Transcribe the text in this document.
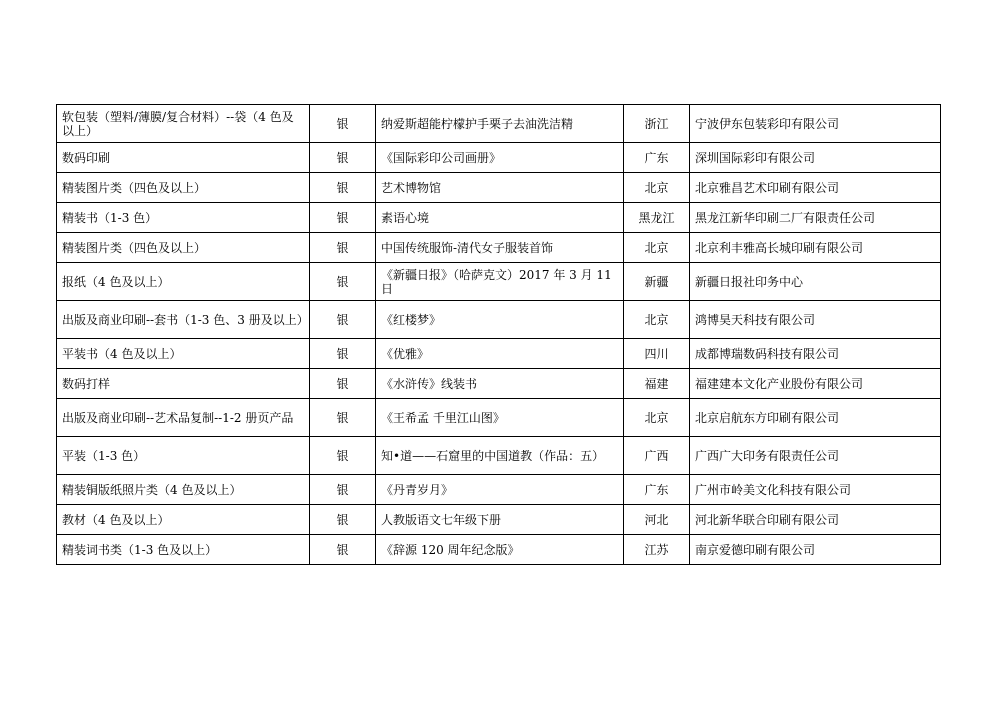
软包装（塑料/薄膜/复合材料）--袋（4 色及以上）	银	纳爱斯超能柠檬护手栗子去油洗洁精	浙江	宁波伊东包装彩印有限公司
数码印刷	银	《国际彩印公司画册》	广东	深圳国际彩印有限公司
精装图片类（四色及以上）	银	艺术博物馆	北京	北京雅昌艺术印刷有限公司
精装书（1-3 色）	银	素语心境	黑龙江	黑龙江新华印刷二厂有限责任公司
精装图片类（四色及以上）	银	中国传统服饰-清代女子服装首饰	北京	北京利丰雅高长城印刷有限公司
报纸（4 色及以上）	银	《新疆日报》（哈萨克文）2017 年 3 月 11 日	新疆	新疆日报社印务中心
出版及商业印刷--套书（1-3 色、3 册及以上）	银	《红楼梦》	北京	鸿博昊天科技有限公司
平装书（4 色及以上）	银	《优雅》	四川	成都博瑞数码科技有限公司
数码打样	银	《水浒传》线装书	福建	福建建本文化产业股份有限公司
出版及商业印刷--艺术品复制--1-2 册页产品	银	《王希孟 千里江山图》	北京	北京启航东方印刷有限公司
平装（1-3 色）	银	知•道——石窟里的中国道教（作品：五）	广西	广西广大印务有限责任公司
精装铜版纸照片类（4 色及以上）	银	《丹青岁月》	广东	广州市岭美文化科技有限公司
教材（4 色及以上）	银	人教版语文七年级下册	河北	河北新华联合印刷有限公司
精装词书类（1-3 色及以上）	银	《辞源 120 周年纪念版》	江苏	南京爱德印刷有限公司
